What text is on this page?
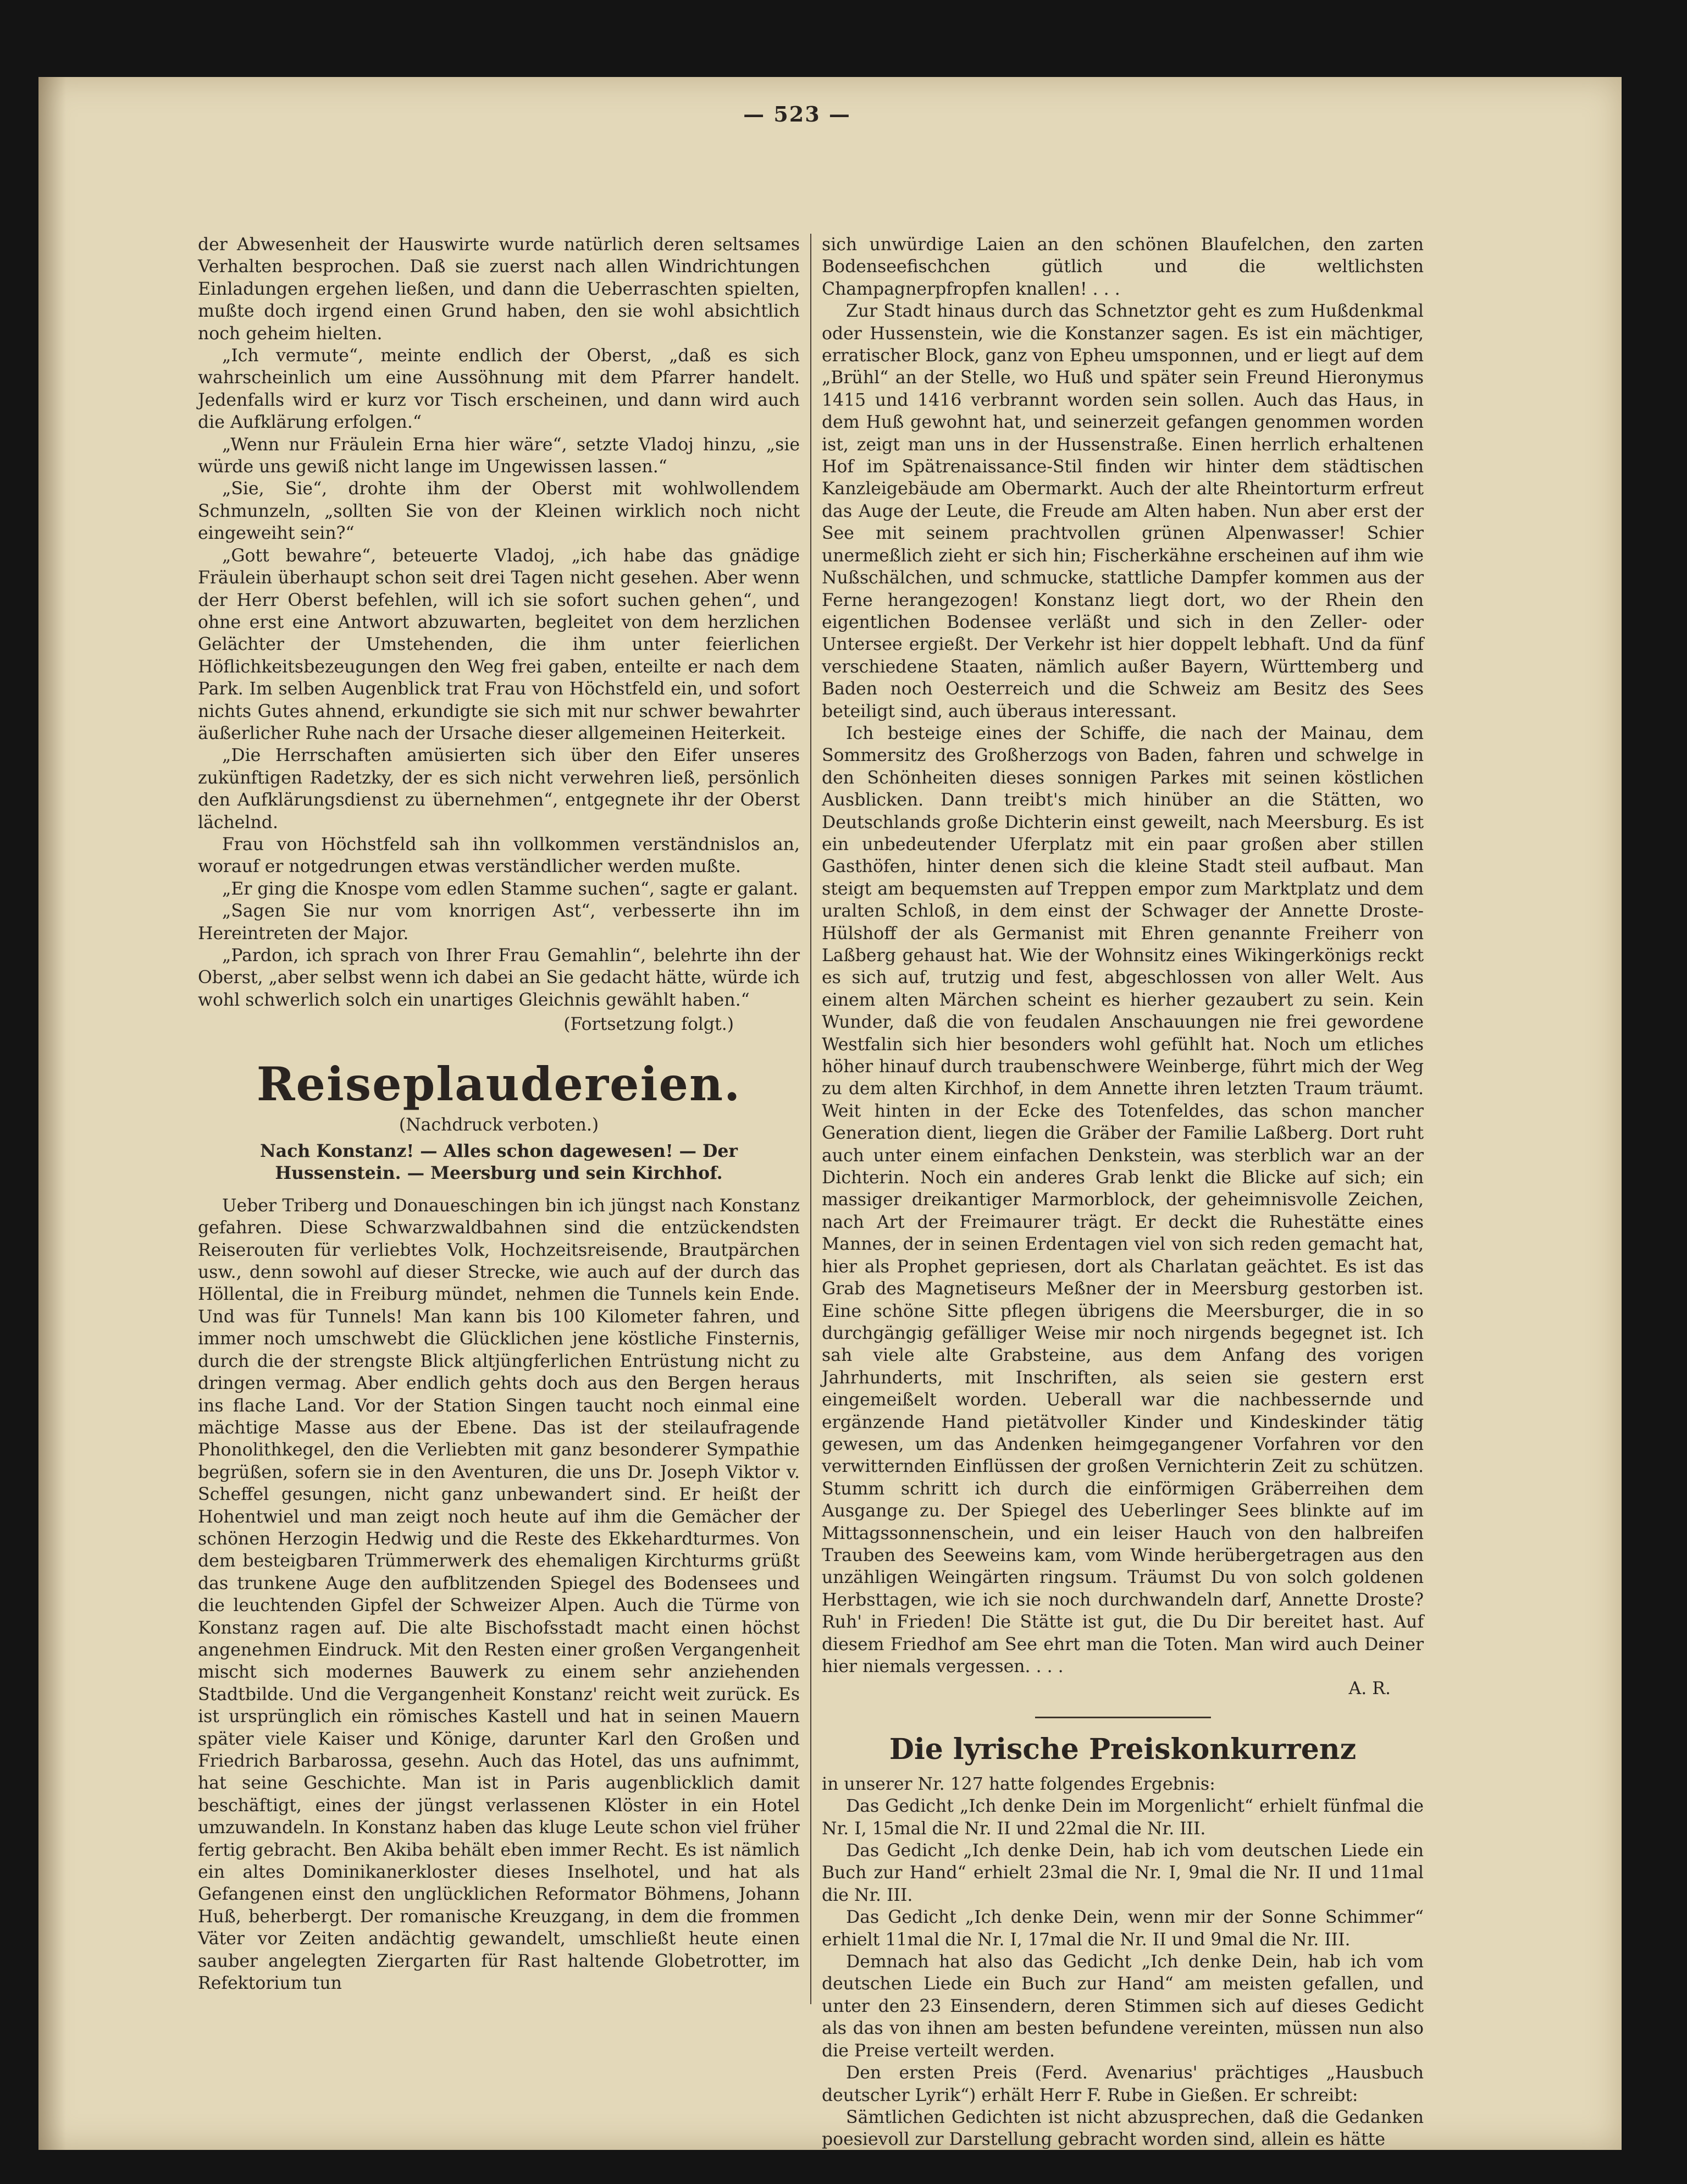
— 523 —

der Abwesenheit der Hauswirte wurde natürlich deren seltsames Verhalten besprochen. Daß sie zuerst nach allen Windrichtungen Einladungen ergehen ließen, und dann die Ueberraschten spielten, mußte doch irgend einen Grund haben, den sie wohl absichtlich noch geheim hielten.

„Ich vermute“, meinte endlich der Oberst, „daß es sich wahrscheinlich um eine Aussöhnung mit dem Pfarrer handelt. Jedenfalls wird er kurz vor Tisch erscheinen, und dann wird auch die Aufklärung erfolgen.“

„Wenn nur Fräulein Erna hier wäre“, setzte Vladoj hinzu, „sie würde uns gewiß nicht lange im Ungewissen lassen.“

„Sie, Sie“, drohte ihm der Oberst mit wohlwollendem Schmunzeln, „sollten Sie von der Kleinen wirklich noch nicht eingeweiht sein?“

„Gott bewahre“, beteuerte Vladoj, „ich habe das gnädige Fräulein überhaupt schon seit drei Tagen nicht gesehen. Aber wenn der Herr Oberst befehlen, will ich sie sofort suchen gehen“, und ohne erst eine Antwort abzuwarten, begleitet von dem herzlichen Gelächter der Umstehenden, die ihm unter feierlichen Höflichkeitsbezeugungen den Weg frei gaben, enteilte er nach dem Park. Im selben Augenblick trat Frau von Höchstfeld ein, und sofort nichts Gutes ahnend, erkundigte sie sich mit nur schwer bewahrter äußerlicher Ruhe nach der Ursache dieser allgemeinen Heiterkeit.

„Die Herrschaften amüsierten sich über den Eifer unseres zukünftigen Radetzky, der es sich nicht verwehren ließ, persönlich den Aufklärungsdienst zu übernehmen“, entgegnete ihr der Oberst lächelnd.

Frau von Höchstfeld sah ihn vollkommen verständnislos an, worauf er notgedrungen etwas verständlicher werden mußte.

„Er ging die Knospe vom edlen Stamme suchen“, sagte er galant.

„Sagen Sie nur vom knorrigen Ast“, verbesserte ihn im Hereintreten der Major.

„Pardon, ich sprach von Ihrer Frau Gemahlin“, belehrte ihn der Oberst, „aber selbst wenn ich dabei an Sie gedacht hätte, würde ich wohl schwerlich solch ein unartiges Gleichnis gewählt haben.“

(Fortsetzung folgt.)
Reiseplaudereien.
(Nachdruck verboten.)
Nach Konstanz! — Alles schon dagewesen! — Der Hussenstein. — Meersburg und sein Kirchhof.

Ueber Triberg und Donaueschingen bin ich jüngst nach Konstanz gefahren. Diese Schwarzwaldbahnen sind die entzückendsten Reiserouten für verliebtes Volk, Hochzeitsreisende, Brautpärchen usw., denn sowohl auf dieser Strecke, wie auch auf der durch das Höllental, die in Freiburg mündet, nehmen die Tunnels kein Ende. Und was für Tunnels! Man kann bis 100 Kilometer fahren, und immer noch umschwebt die Glücklichen jene köstliche Finsternis, durch die der strengste Blick altjüngferlichen Entrüstung nicht zu dringen vermag. Aber endlich gehts doch aus den Bergen heraus ins flache Land. Vor der Station Singen taucht noch einmal eine mächtige Masse aus der Ebene. Das ist der steilaufragende Phonolithkegel, den die Verliebten mit ganz besonderer Sympathie begrüßen, sofern sie in den Aventuren, die uns Dr. Joseph Viktor v. Scheffel gesungen, nicht ganz unbewandert sind. Er heißt der Hohentwiel und man zeigt noch heute auf ihm die Gemächer der schönen Herzogin Hedwig und die Reste des Ekkehardturmes. Von dem besteigbaren Trümmerwerk des ehemaligen Kirchturms grüßt das trunkene Auge den aufblitzenden Spiegel des Bodensees und die leuchtenden Gipfel der Schweizer Alpen. Auch die Türme von Konstanz ragen auf. Die alte Bischofsstadt macht einen höchst angenehmen Eindruck. Mit den Resten einer großen Vergangenheit mischt sich modernes Bauwerk zu einem sehr anziehenden Stadtbilde. Und die Vergangenheit Konstanz' reicht weit zurück. Es ist ursprünglich ein römisches Kastell und hat in seinen Mauern später viele Kaiser und Könige, darunter Karl den Großen und Friedrich Barbarossa, gesehn. Auch das Hotel, das uns aufnimmt, hat seine Geschichte. Man ist in Paris augenblicklich damit beschäftigt, eines der jüngst verlassenen Klöster in ein Hotel umzuwandeln. In Konstanz haben das kluge Leute schon viel früher fertig gebracht. Ben Akiba behält eben immer Recht. Es ist nämlich ein altes Dominikanerkloster dieses Inselhotel, und hat als Gefangenen einst den unglücklichen Reformator Böhmens, Johann Huß, beherbergt. Der romanische Kreuzgang, in dem die frommen Väter vor Zeiten andächtig gewandelt, umschließt heute einen sauber angelegten Ziergarten für Rast haltende Globetrotter, im Refektorium tun

sich unwürdige Laien an den schönen Blaufelchen, den zarten Bodenseefischchen gütlich und die weltlichsten Champagnerpfropfen knallen! . . .

Zur Stadt hinaus durch das Schnetztor geht es zum Hußdenkmal oder Hussenstein, wie die Konstanzer sagen. Es ist ein mächtiger, erratischer Block, ganz von Epheu umsponnen, und er liegt auf dem „Brühl“ an der Stelle, wo Huß und später sein Freund Hieronymus 1415 und 1416 verbrannt worden sein sollen. Auch das Haus, in dem Huß gewohnt hat, und seinerzeit gefangen genommen worden ist, zeigt man uns in der Hussenstraße. Einen herrlich erhaltenen Hof im Spätrenaissance-Stil finden wir hinter dem städtischen Kanzleigebäude am Obermarkt. Auch der alte Rheintorturm erfreut das Auge der Leute, die Freude am Alten haben. Nun aber erst der See mit seinem prachtvollen grünen Alpenwasser! Schier unermeßlich zieht er sich hin; Fischerkähne erscheinen auf ihm wie Nußschälchen, und schmucke, stattliche Dampfer kommen aus der Ferne herangezogen! Konstanz liegt dort, wo der Rhein den eigentlichen Bodensee verläßt und sich in den Zeller- oder Untersee ergießt. Der Verkehr ist hier doppelt lebhaft. Und da fünf verschiedene Staaten, nämlich außer Bayern, Württemberg und Baden noch Oesterreich und die Schweiz am Besitz des Sees beteiligt sind, auch überaus interessant.

Ich besteige eines der Schiffe, die nach der Mainau, dem Sommersitz des Großherzogs von Baden, fahren und schwelge in den Schönheiten dieses sonnigen Parkes mit seinen köstlichen Ausblicken. Dann treibt's mich hinüber an die Stätten, wo Deutschlands große Dichterin einst geweilt, nach Meersburg. Es ist ein unbedeutender Uferplatz mit ein paar großen aber stillen Gasthöfen, hinter denen sich die kleine Stadt steil aufbaut. Man steigt am bequemsten auf Treppen empor zum Marktplatz und dem uralten Schloß, in dem einst der Schwager der Annette Droste-Hülshoff der als Germanist mit Ehren genannte Freiherr von Laßberg gehaust hat. Wie der Wohnsitz eines Wikingerkönigs reckt es sich auf, trutzig und fest, abgeschlossen von aller Welt. Aus einem alten Märchen scheint es hierher gezaubert zu sein. Kein Wunder, daß die von feudalen Anschauungen nie frei gewordene Westfalin sich hier besonders wohl gefühlt hat. Noch um etliches höher hinauf durch traubenschwere Weinberge, führt mich der Weg zu dem alten Kirchhof, in dem Annette ihren letzten Traum träumt. Weit hinten in der Ecke des Totenfeldes, das schon mancher Generation dient, liegen die Gräber der Familie Laßberg. Dort ruht auch unter einem einfachen Denkstein, was sterblich war an der Dichterin. Noch ein anderes Grab lenkt die Blicke auf sich; ein massiger dreikantiger Marmorblock, der geheimnisvolle Zeichen, nach Art der Freimaurer trägt. Er deckt die Ruhestätte eines Mannes, der in seinen Erdentagen viel von sich reden gemacht hat, hier als Prophet gepriesen, dort als Charlatan geächtet. Es ist das Grab des Magnetiseurs Meßner der in Meersburg gestorben ist. Eine schöne Sitte pflegen übrigens die Meersburger, die in so durchgängig gefälliger Weise mir noch nirgends begegnet ist. Ich sah viele alte Grabsteine, aus dem Anfang des vorigen Jahrhunderts, mit Inschriften, als seien sie gestern erst eingemeißelt worden. Ueberall war die nachbessernde und ergänzende Hand pietätvoller Kinder und Kindeskinder tätig gewesen, um das Andenken heimgegangener Vorfahren vor den verwitternden Einflüssen der großen Vernichterin Zeit zu schützen. Stumm schritt ich durch die einförmigen Gräberreihen dem Ausgange zu. Der Spiegel des Ueberlinger Sees blinkte auf im Mittagssonnenschein, und ein leiser Hauch von den halbreifen Trauben des Seeweins kam, vom Winde herübergetragen aus den unzähligen Weingärten ringsum. Träumst Du von solch goldenen Herbsttagen, wie ich sie noch durchwandeln darf, Annette Droste? Ruh' in Frieden! Die Stätte ist gut, die Du Dir bereitet hast. Auf diesem Friedhof am See ehrt man die Toten. Man wird auch Deiner hier niemals vergessen. . . .

A. R.
Die lyrische Preiskonkurrenz

in unserer Nr. 127 hatte folgendes Ergebnis:

Das Gedicht „Ich denke Dein im Morgenlicht“ erhielt fünfmal die Nr. I, 15mal die Nr. II und 22mal die Nr. III.

Das Gedicht „Ich denke Dein, hab ich vom deutschen Liede ein Buch zur Hand“ erhielt 23mal die Nr. I, 9mal die Nr. II und 11mal die Nr. III.

Das Gedicht „Ich denke Dein, wenn mir der Sonne Schimmer“ erhielt 11mal die Nr. I, 17mal die Nr. II und 9mal die Nr. III.

Demnach hat also das Gedicht „Ich denke Dein, hab ich vom deutschen Liede ein Buch zur Hand“ am meisten gefallen, und unter den 23 Einsendern, deren Stimmen sich auf dieses Gedicht als das von ihnen am besten befundene vereinten, müssen nun also die Preise verteilt werden.

Den ersten Preis (Ferd. Avenarius' prächtiges „Hausbuch deutscher Lyrik“) erhält Herr F. Rube in Gießen. Er schreibt:

Sämtlichen Gedichten ist nicht abzusprechen, daß die Gedanken poesievoll zur Darstellung gebracht worden sind, allein es hätte
